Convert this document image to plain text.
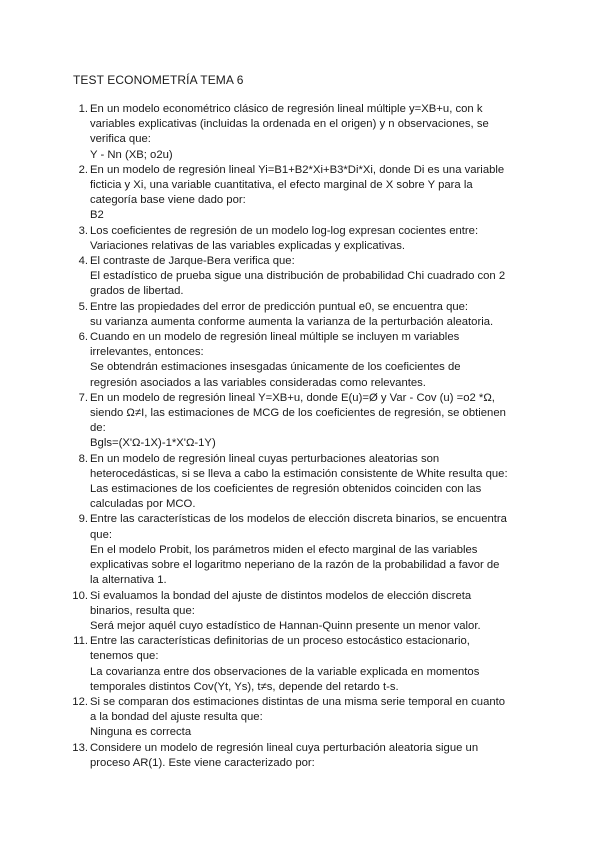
TEST ECONOMETRÍA TEMA 6
1. En un modelo econométrico clásico de regresión lineal múltiple y=XB+u, con k variables explicativas (incluidas la ordenada en el origen) y n observaciones, se verifica que:
Y - Nn (XB; o2u)
2. En un modelo de regresión lineal Yi=B1+B2*Xi+B3*Di*Xi, donde Di es una variable ficticia y Xi, una variable cuantitativa, el efecto marginal de X sobre Y para la categoría base viene dado por:
B2
3. Los coeficientes de regresión de un modelo log-log expresan cocientes entre:
Variaciones relativas de las variables explicadas y explicativas.
4. El contraste de Jarque-Bera verifica que:
El estadístico de prueba sigue una distribución de probabilidad Chi cuadrado con 2 grados de libertad.
5. Entre las propiedades del error de predicción puntual e0, se encuentra que:
su varianza aumenta conforme aumenta la varianza de la perturbación aleatoria.
6. Cuando en un modelo de regresión lineal múltiple se incluyen m variables irrelevantes, entonces:
Se obtendrán estimaciones insesgadas únicamente de los coeficientes de regresión asociados a las variables consideradas como relevantes.
7. En un modelo de regresión lineal Y=XB+u, donde E(u)=Ø y Var - Cov (u) =o2 *Ω, siendo Ω≠I, las estimaciones de MCG de los coeficientes de regresión, se obtienen de:
Bgls=(X'Ω-1X)-1*X'Ω-1Y)
8. En un modelo de regresión lineal cuyas perturbaciones aleatorias son heterocedásticas, si se lleva a cabo la estimación consistente de White resulta que:
Las estimaciones de los coeficientes de regresión obtenidos coinciden con las calculadas por MCO.
9. Entre las características de los modelos de elección discreta binarios, se encuentra que:
En el modelo Probit, los parámetros miden el efecto marginal de las variables explicativas sobre el logaritmo neperiano de la razón de la probabilidad a favor de la alternativa 1.
10. Si evaluamos la bondad del ajuste de distintos modelos de elección discreta binarios, resulta que:
Será mejor aquél cuyo estadístico de Hannan-Quinn presente un menor valor.
11. Entre las características definitorias de un proceso estocástico estacionario, tenemos que:
La covarianza entre dos observaciones de la variable explicada en momentos temporales distintos Cov(Yt, Ys), t≠s, depende del retardo t-s.
12. Si se comparan dos estimaciones distintas de una misma serie temporal en cuanto a la bondad del ajuste resulta que:
Ninguna es correcta
13. Considere un modelo de regresión lineal cuya perturbación aleatoria sigue un proceso AR(1). Este viene caracterizado por:
